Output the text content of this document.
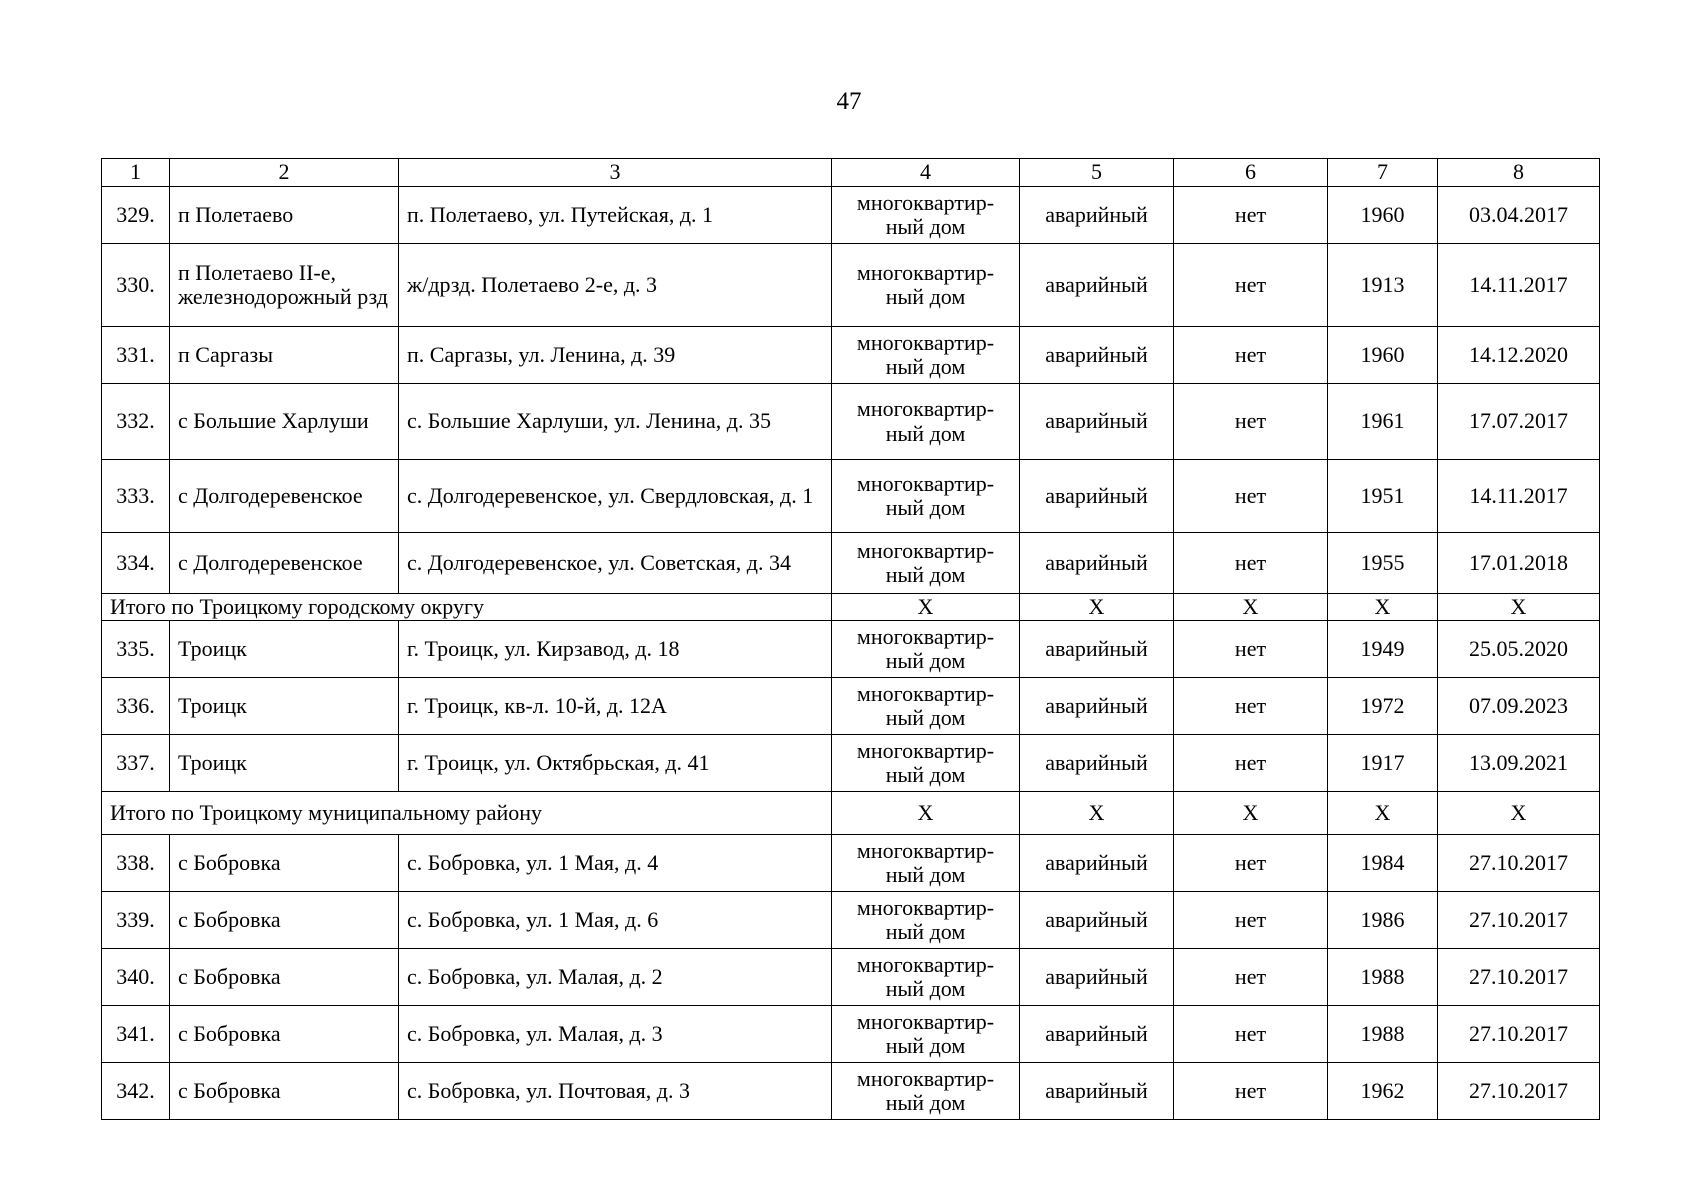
47
1	2	3	4	5	6	7	8
329.	п Полетаево	п. Полетаево, ул. Путейская, д. 1	многоквартир-ный дом	аварийный	нет	1960	03.04.2017
330.	п Полетаево II-е, железнодорожный рзд	ж/дрзд. Полетаево 2-е, д. 3	многоквартир-ный дом	аварийный	нет	1913	14.11.2017
331.	п Саргазы	п. Саргазы, ул. Ленина, д. 39	многоквартир-ный дом	аварийный	нет	1960	14.12.2020
332.	с Большие Харлуши	с. Большие Харлуши, ул. Ленина, д. 35	многоквартир-ный дом	аварийный	нет	1961	17.07.2017
333.	с Долгодеревенское	с. Долгодеревенское, ул. Свердловская, д. 1	многоквартир-ный дом	аварийный	нет	1951	14.11.2017
334.	с Долгодеревенское	с. Долгодеревенское, ул. Советская, д. 34	многоквартир-ный дом	аварийный	нет	1955	17.01.2018
Итого по Троицкому городскому округу			X	X	X	X	X
335.	Троицк	г. Троицк, ул. Кирзавод, д. 18	многоквартир-ный дом	аварийный	нет	1949	25.05.2020
336.	Троицк	г. Троицк, кв-л. 10-й, д. 12А	многоквартир-ный дом	аварийный	нет	1972	07.09.2023
337.	Троицк	г. Троицк, ул. Октябрьская, д. 41	многоквартир-ный дом	аварийный	нет	1917	13.09.2021
Итого по Троицкому муниципальному району			X	X	X	X	X
338.	с Бобровка	с. Бобровка, ул. 1 Мая, д. 4	многоквартир-ный дом	аварийный	нет	1984	27.10.2017
339.	с Бобровка	с. Бобровка, ул. 1 Мая, д. 6	многоквартир-ный дом	аварийный	нет	1986	27.10.2017
340.	с Бобровка	с. Бобровка, ул. Малая, д. 2	многоквартир-ный дом	аварийный	нет	1988	27.10.2017
341.	с Бобровка	с. Бобровка, ул. Малая, д. 3	многоквартир-ный дом	аварийный	нет	1988	27.10.2017
342.	с Бобровка	с. Бобровка, ул. Почтовая, д. 3	многоквартир-ный дом	аварийный	нет	1962	27.10.2017
